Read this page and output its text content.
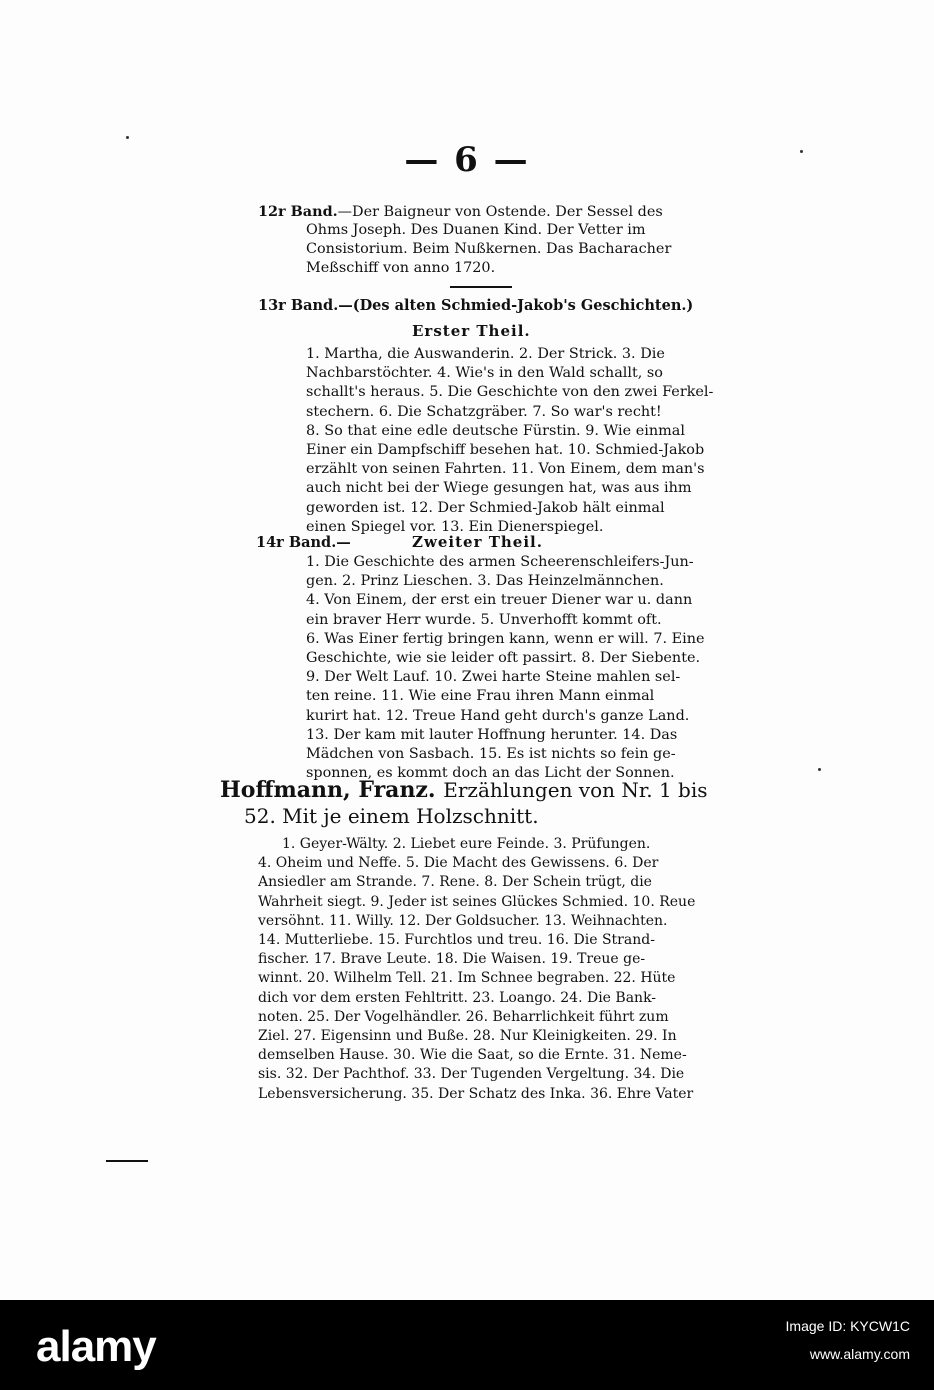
— 6 —
12r Band.—Der Baigneur von Ostende. Der Sessel des
Ohms Joseph. Des Duanen Kind. Der Vetter im
Consistorium. Beim Nußkernen. Das Bacharacher
Meßschiff von anno 1720.
13r Band.—(Des alten Schmied-Jakob's Geschichten.)
Erster Theil.
1. Martha, die Auswanderin. 2. Der Strick. 3. Die
Nachbarstöchter. 4. Wie's in den Wald schallt, so
schallt's heraus. 5. Die Geschichte von den zwei Ferkel-
stechern. 6. Die Schatzgräber. 7. So war's recht!
8. So that eine edle deutsche Fürstin. 9. Wie einmal
Einer ein Dampfschiff besehen hat. 10. Schmied-Jakob
erzählt von seinen Fahrten. 11. Von Einem, dem man's
auch nicht bei der Wiege gesungen hat, was aus ihm
geworden ist. 12. Der Schmied-Jakob hält einmal
einen Spiegel vor. 13. Ein Dienerspiegel.
14r Band.—	Zweiter Theil.
1. Die Geschichte des armen Scheerenschleifers-Jun-
gen. 2. Prinz Lieschen. 3. Das Heinzelmännchen.
4. Von Einem, der erst ein treuer Diener war u. dann
ein braver Herr wurde. 5. Unverhofft kommt oft.
6. Was Einer fertig bringen kann, wenn er will. 7. Eine
Geschichte, wie sie leider oft passirt. 8. Der Siebente.
9. Der Welt Lauf. 10. Zwei harte Steine mahlen sel-
ten reine. 11. Wie eine Frau ihren Mann einmal
kurirt hat. 12. Treue Hand geht durch's ganze Land.
13. Der kam mit lauter Hoffnung herunter. 14. Das
Mädchen von Sasbach. 15. Es ist nichts so fein ge-
sponnen, es kommt doch an das Licht der Sonnen.
Hoffmann, Franz. Erzählungen von Nr. 1 bis
52. Mit je einem Holzschnitt.
1. Geyer-Wälty. 2. Liebet eure Feinde. 3. Prüfungen.
4. Oheim und Neffe. 5. Die Macht des Gewissens. 6. Der
Ansiedler am Strande. 7. Rene. 8. Der Schein trügt, die
Wahrheit siegt. 9. Jeder ist seines Glückes Schmied. 10. Reue
versöhnt. 11. Willy. 12. Der Goldsucher. 13. Weihnachten.
14. Mutterliebe. 15. Furchtlos und treu. 16. Die Strand-
fischer. 17. Brave Leute. 18. Die Waisen. 19. Treue ge-
winnt. 20. Wilhelm Tell. 21. Im Schnee begraben. 22. Hüte
dich vor dem ersten Fehltritt. 23. Loango. 24. Die Bank-
noten. 25. Der Vogelhändler. 26. Beharrlichkeit führt zum
Ziel. 27. Eigensinn und Buße. 28. Nur Kleinigkeiten. 29. In
demselben Hause. 30. Wie die Saat, so die Ernte. 31. Neme-
sis. 32. Der Pachthof. 33. Der Tugenden Vergeltung. 34. Die
Lebensversicherung. 35. Der Schatz des Inka. 36. Ehre Vater
alamy	Image ID: KYCW1C
www.alamy.com
